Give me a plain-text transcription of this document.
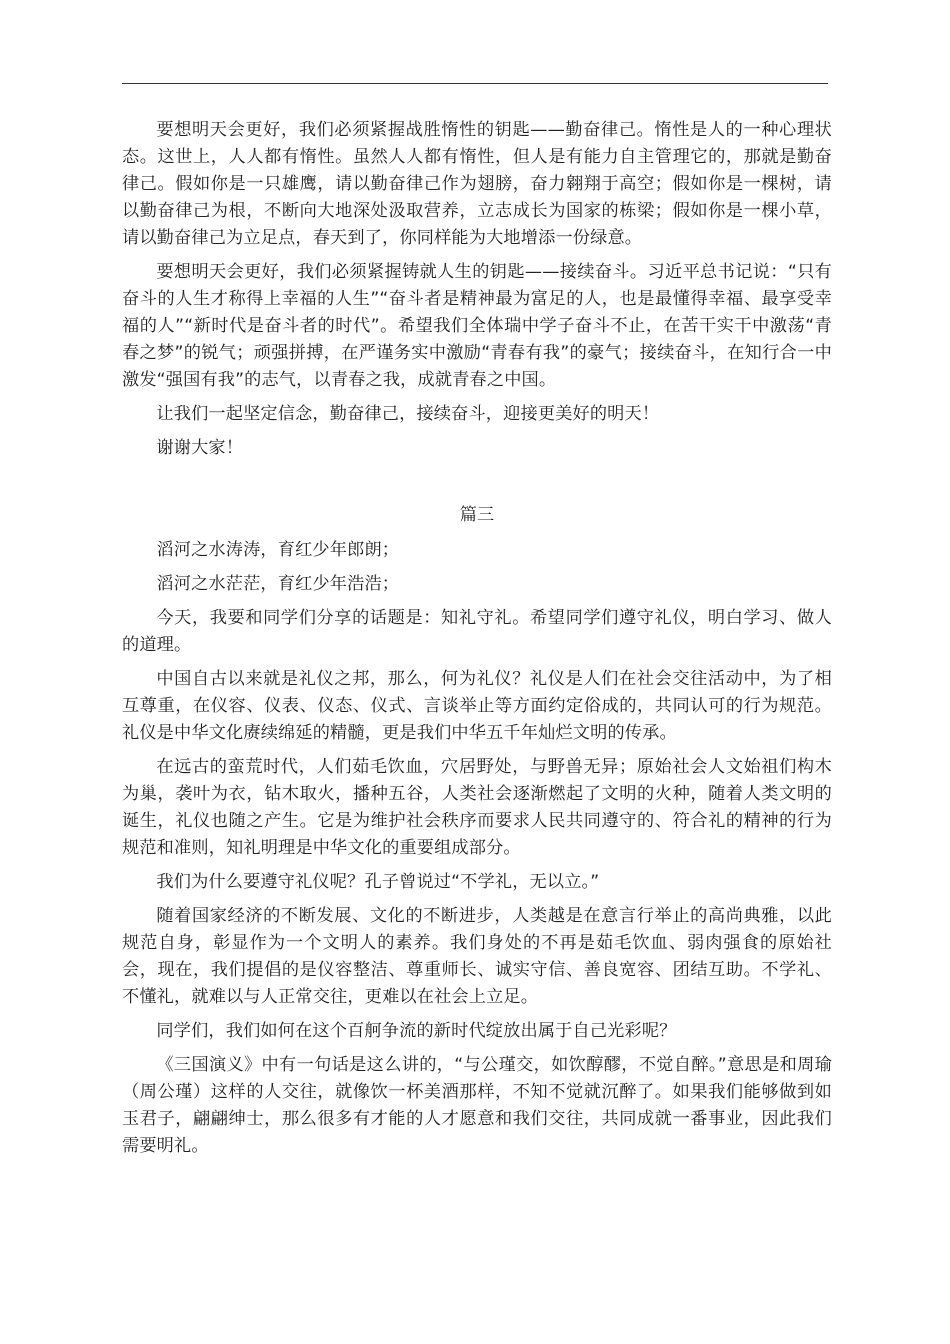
要想明天会更好，我们必须紧握战胜惰性的钥匙——勤奋律己。惰性是人的一种心理状态。这世上，人人都有惰性。虽然人人都有惰性，但人是有能力自主管理它的，那就是勤奋律己。假如你是一只雄鹰，请以勤奋律己作为翅膀，奋力翱翔于高空；假如你是一棵树，请以勤奋律己为根，不断向大地深处汲取营养，立志成长为国家的栋梁；假如你是一棵小草，请以勤奋律己为立足点，春天到了，你同样能为大地增添一份绿意。

要想明天会更好，我们必须紧握铸就人生的钥匙——接续奋斗。习近平总书记说：“只有奋斗的人生才称得上幸福的人生”“奋斗者是精神最为富足的人，也是最懂得幸福、最享受幸福的人”“新时代是奋斗者的时代”。希望我们全体瑞中学子奋斗不止，在苦干实干中激荡“青春之梦”的锐气；顽强拼搏，在严谨务实中激励“青春有我”的豪气；接续奋斗，在知行合一中激发“强国有我”的志气，以青春之我，成就青春之中国。

让我们一起坚定信念，勤奋律己，接续奋斗，迎接更美好的明天！

谢谢大家！

篇三

滔河之水涛涛，育红少年郎朗；

滔河之水茫茫，育红少年浩浩；

今天，我要和同学们分享的话题是：知礼守礼。希望同学们遵守礼仪，明白学习、做人的道理。

中国自古以来就是礼仪之邦，那么，何为礼仪？礼仪是人们在社会交往活动中，为了相互尊重，在仪容、仪表、仪态、仪式、言谈举止等方面约定俗成的，共同认可的行为规范。礼仪是中华文化赓续绵延的精髓，更是我们中华五千年灿烂文明的传承。

在远古的蛮荒时代，人们茹毛饮血，穴居野处，与野兽无异；原始社会人文始祖们构木为巢，袭叶为衣，钻木取火，播种五谷，人类社会逐渐燃起了文明的火种，随着人类文明的诞生，礼仪也随之产生。它是为维护社会秩序而要求人民共同遵守的、符合礼的精神的行为规范和准则，知礼明理是中华文化的重要组成部分。

我们为什么要遵守礼仪呢？孔子曾说过“不学礼，无以立。”

随着国家经济的不断发展、文化的不断进步，人类越是在意言行举止的高尚典雅，以此规范自身，彰显作为一个文明人的素养。我们身处的不再是茹毛饮血、弱肉强食的原始社会，现在，我们提倡的是仪容整洁、尊重师长、诚实守信、善良宽容、团结互助。不学礼、不懂礼，就难以与人正常交往，更难以在社会上立足。

同学们，我们如何在这个百舸争流的新时代绽放出属于自己光彩呢？

《三国演义》中有一句话是这么讲的，“与公瑾交，如饮醇醪，不觉自醉。”意思是和周瑜（周公瑾）这样的人交往，就像饮一杯美酒那样，不知不觉就沉醉了。如果我们能够做到如玉君子，翩翩绅士，那么很多有才能的人才愿意和我们交往，共同成就一番事业，因此我们需要明礼。
